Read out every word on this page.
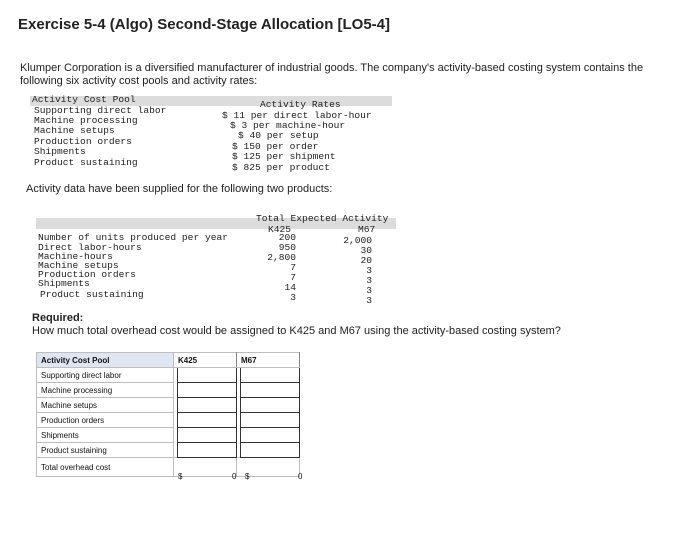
Exercise 5-4 (Algo) Second-Stage Allocation [LO5-4]
Klumper Corporation is a diversified manufacturer of industrial goods. The company's activity-based costing system contains the following six activity cost pools and activity rates:
Activity Cost Pool	Activity Rates
Supporting direct labor	$ 11 per direct labor-hour
Machine processing	$ 3 per machine-hour
Machine setups	$ 40 per setup
Production orders	$ 150 per order
Shipments	$ 125 per shipment
Product sustaining	$ 825 per product
Activity data have been supplied for the following two products:
Total Expected Activity
K425	M67
Number of units produced per year	200	2,000
Direct labor-hours	950	30
Machine-hours	2,800	20
Machine setups	7	3
Production orders	7	3
Shipments	14	3
Product sustaining	3	3
Required:
How much total overhead cost would be assigned to K425 and M67 using the activity-based costing system?
Activity Cost Pool	K425		M67	
Supporting direct labor				
Machine processing				
Machine setups				
Production orders				
Shipments				
Product sustaining				
Total overhead cost				
$	0 $	0
